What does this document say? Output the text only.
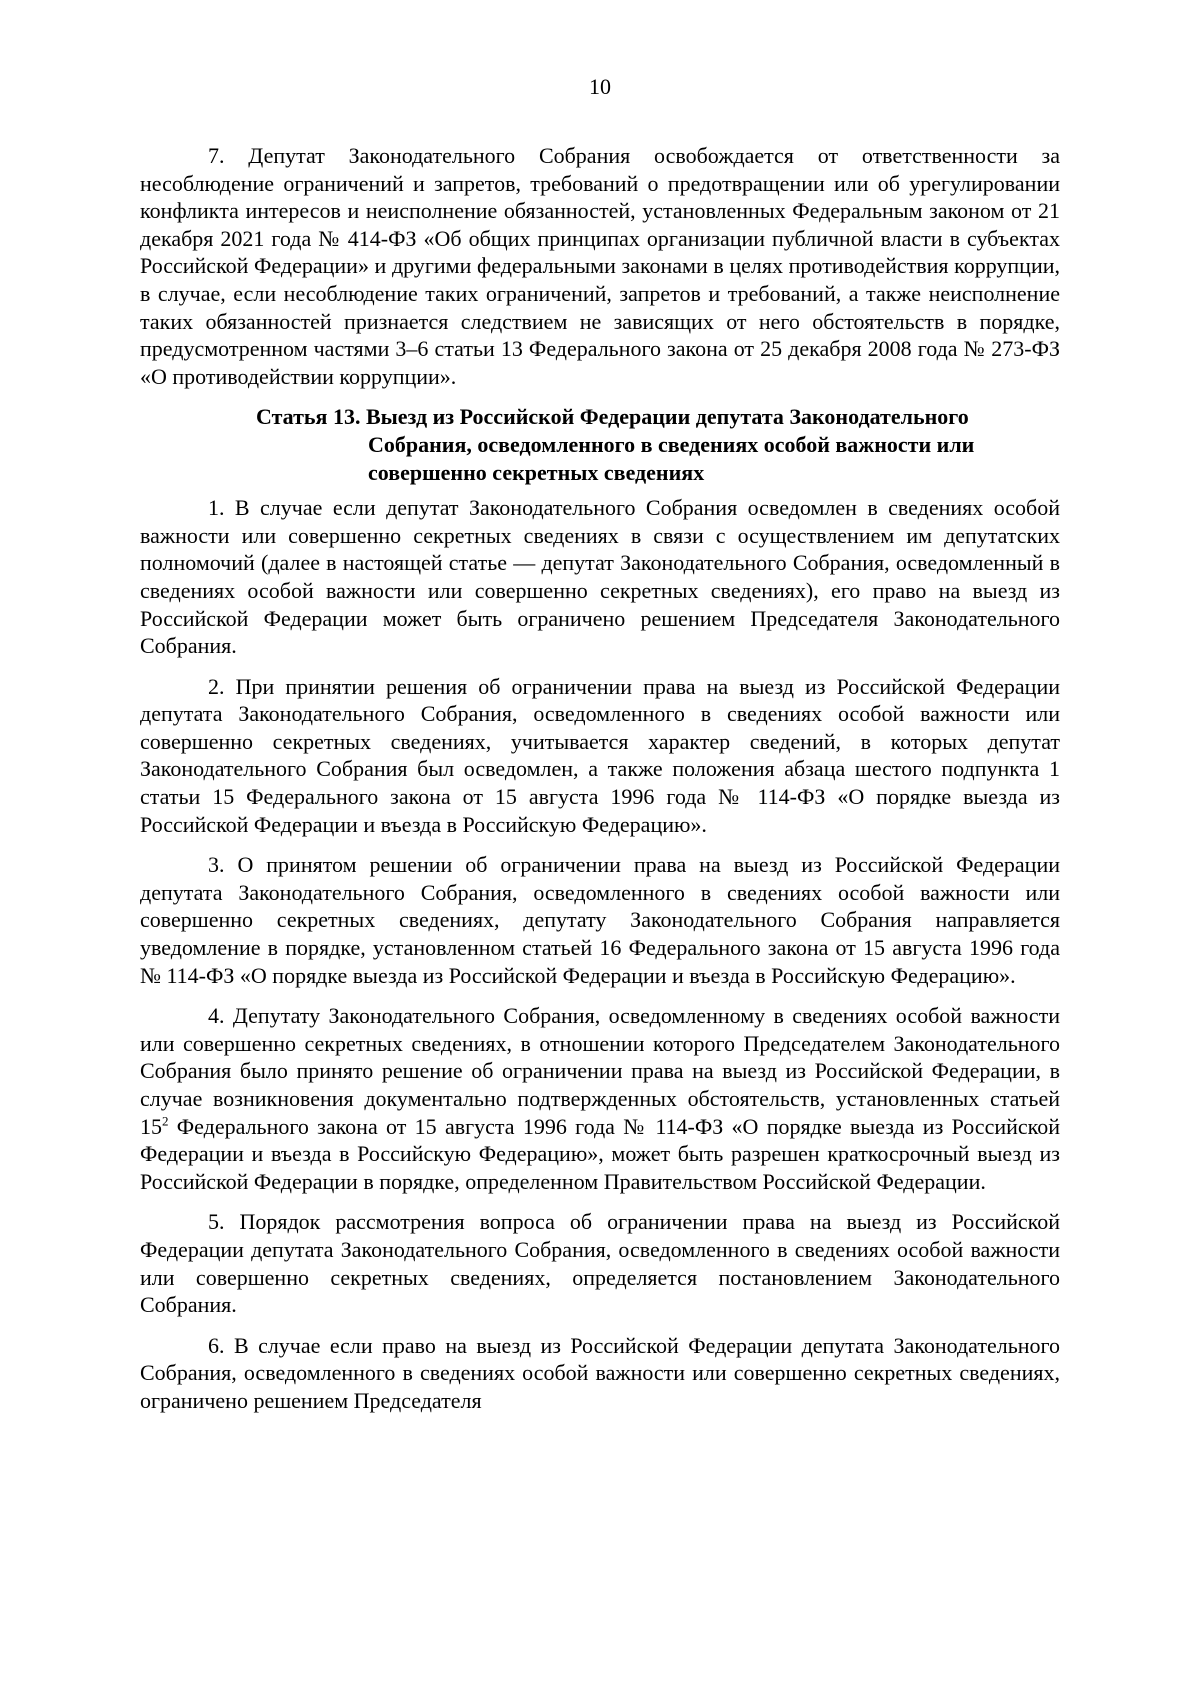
10

7. Депутат Законодательного Собрания освобождается от ответственности за несоблюдение ограничений и запретов, требований о предотвращении или об урегулировании конфликта интересов и неисполнение обязанностей, установленных Федеральным законом от 21 декабря 2021 года № 414-ФЗ «Об общих принципах организации публичной власти в субъектах Российской Федерации» и другими федеральными законами в целях противодействия коррупции, в случае, если несоблюдение таких ограничений, запретов и требований, а также неисполнение таких обязанностей признается следствием не зависящих от него обстоятельств в порядке, предусмотренном частями 3–6 статьи 13 Федерального закона от 25 декабря 2008 года № 273-ФЗ «О противодействии коррупции».

Статья 13. Выезд из Российской Федерации депутата Законодательного
Собрания, осведомленного в сведениях особой важности или
совершенно секретных сведениях

1. В случае если депутат Законодательного Собрания осведомлен в сведениях особой важности или совершенно секретных сведениях в связи с осуществлением им депутатских полномочий (далее в настоящей статье — депутат Законодательного Собрания, осведомленный в сведениях особой важности или совершенно секретных сведениях), его право на выезд из Российской Федерации может быть ограничено решением Председателя Законодательного Собрания.

2. При принятии решения об ограничении права на выезд из Российской Федерации депутата Законодательного Собрания, осведомленного в сведениях особой важности или совершенно секретных сведениях, учитывается характер сведений, в которых депутат Законодательного Собрания был осведомлен, а также положения абзаца шестого подпункта 1 статьи 15 Федерального закона от 15 августа 1996 года № 114-ФЗ «О порядке выезда из Российской Федерации и въезда в Российскую Федерацию».

3. О принятом решении об ограничении права на выезд из Российской Федерации депутата Законодательного Собрания, осведомленного в сведениях особой важности или совершенно секретных сведениях, депутату Законодательного Собрания направляется уведомление в порядке, установленном статьей 16 Федерального закона от 15 августа 1996 года № 114-ФЗ «О порядке выезда из Российской Федерации и въезда в Российскую Федерацию».

4. Депутату Законодательного Собрания, осведомленному в сведениях особой важности или совершенно секретных сведениях, в отношении которого Председателем Законодательного Собрания было принято решение об ограничении права на выезд из Российской Федерации, в случае возникновения документально подтвержденных обстоятельств, установленных статьей $15^2$ Федерального закона от 15 августа 1996 года № 114-ФЗ «О порядке выезда из Российской Федерации и въезда в Российскую Федерацию», может быть разрешен краткосрочный выезд из Российской Федерации в порядке, определенном Правительством Российской Федерации.

5. Порядок рассмотрения вопроса об ограничении права на выезд из Российской Федерации депутата Законодательного Собрания, осведомленного в сведениях особой важности или совершенно секретных сведениях, определяется постановлением Законодательного Собрания.

6. В случае если право на выезд из Российской Федерации депутата Законодательного Собрания, осведомленного в сведениях особой важности или совершенно секретных сведениях, ограничено решением Председателя
